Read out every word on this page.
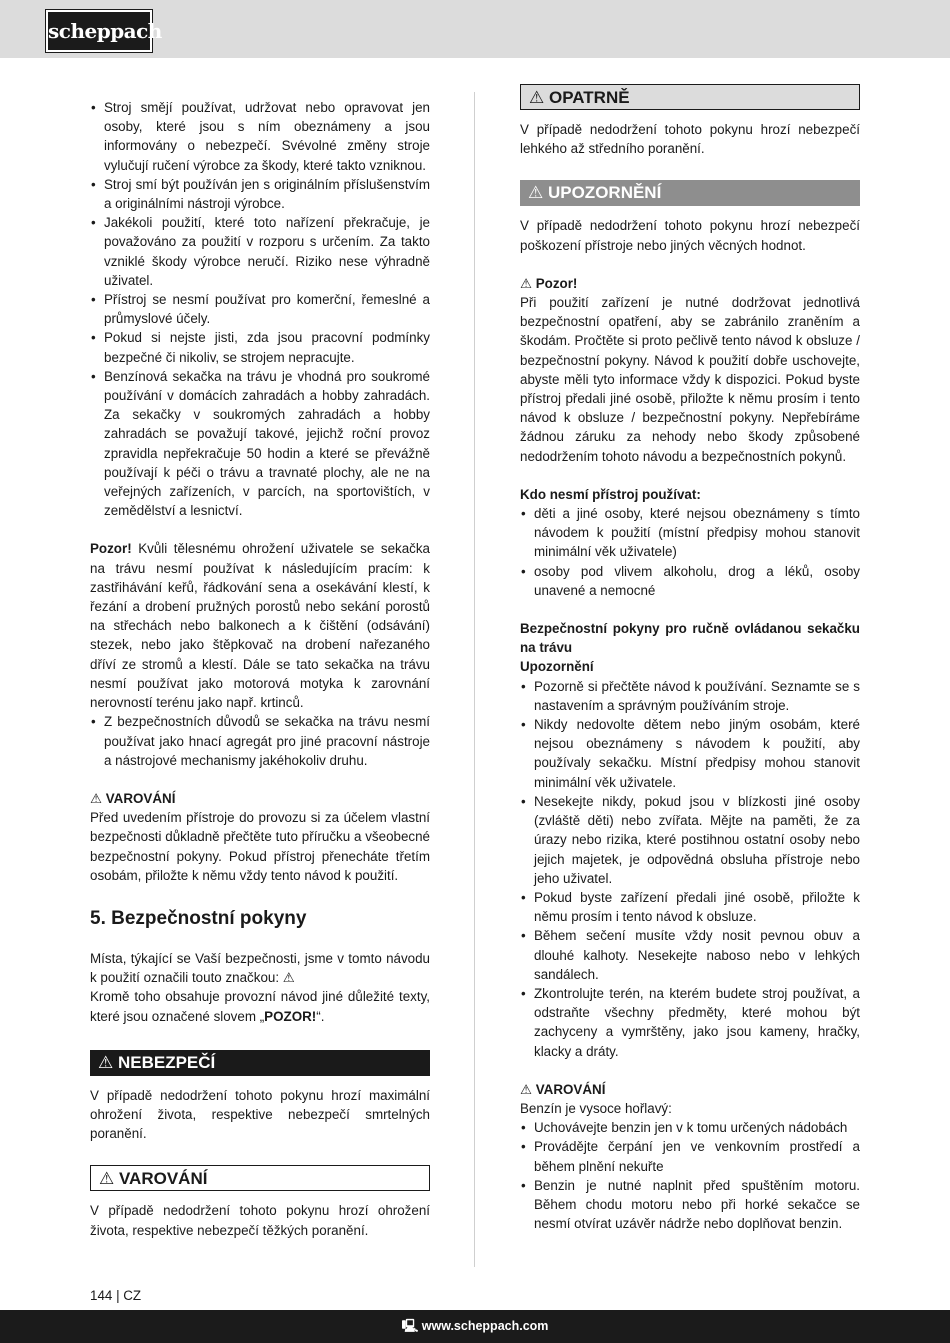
scheppach
• Stroj smějí používat, udržovat nebo opravovat jen osoby, které jsou s ním obeznámeny a jsou informovány o nebezpečí. Svévolné změny stroje vylučují ručení výrobce za škody, které takto vzniknou.
• Stroj smí být používán jen s originálním příslušenstvím a originálními nástroji výrobce.
• Jakékoli použití, které toto nařízení překračuje, je považováno za použití v rozporu s určením. Za takto vzniklé škody výrobce neručí. Riziko nese výhradně uživatel.
• Přístroj se nesmí používat pro komerční, řemeslné a průmyslové účely.
• Pokud si nejste jisti, zda jsou pracovní podmínky bezpečné či nikoliv, se strojem nepracujte.
• Benzínová sekačka na trávu je vhodná pro soukromé používání v domácích zahradách a hobby zahradách. Za sekačky v soukromých zahradách a hobby zahradách se považují takové, jejichž roční provoz zpravidla nepřekračuje 50 hodin a které se převážně používají k péči o trávu a travnaté plochy, ale ne na veřejných zařízeních, v parcích, na sportovištích, v zemědělství a lesnictví.

Pozor! Kvůli tělesnému ohrožení uživatele se sekačka na trávu nesmí používat k následujícím pracím: k zastřihávání keřů, řádkování sena a osekávání klestí, k řezání a drobení pružných porostů nebo sekání porostů na střechách nebo balkonech a k čištění (odsávání) stezek, nebo jako štěpkovač na drobení nařezaného dříví ze stromů a klestí. Dále se tato sekačka na trávu nesmí používat jako motorová motyka k zarovnání nerovností terénu jako např. krtinců.

• Z bezpečnostních důvodů se sekačka na trávu nesmí používat jako hnací agregát pro jiné pracovní nástroje a nástrojové mechanismy jakéhokoliv druhu.
⚠ VAROVÁNÍ

Před uvedením přístroje do provozu si za účelem vlastní bezpečnosti důkladně přečtěte tuto příručku a všeobecné bezpečnostní pokyny. Pokud přístroj přenecháte třetím osobám, přiložte k němu vždy tento návod k použití.

5. Bezpečnostní pokyny

Místa, týkající se Vaší bezpečnosti, jsme v tomto návodu k použití označili touto značkou: ⚠

Kromě toho obsahuje provozní návod jiné důležité texty, které jsou označené slovem „POZOR!“.

⚠ NEBEZPEČÍ

V případě nedodržení tohoto pokynu hrozí maximální ohrožení života, respektive nebezpečí smrtelných poranění.

⚠ VAROVÁNÍ

V případě nedodržení tohoto pokynu hrozí ohrožení života, respektive nebezpečí těžkých poranění.

⚠ OPATRNĚ

V případě nedodržení tohoto pokynu hrozí nebezpečí lehkého až středního poranění.

⚠ UPOZORNĚNÍ

V případě nedodržení tohoto pokynu hrozí nebezpečí poškození přístroje nebo jiných věcných hodnot.

⚠ Pozor!

Při použití zařízení je nutné dodržovat jednotlivá bezpečnostní opatření, aby se zabránilo zraněním a škodám. Pročtěte si proto pečlivě tento návod k obsluze / bezpečnostní pokyny. Návod k použití dobře uschovejte, abyste měli tyto informace vždy k dispozici. Pokud byste přístroj předali jiné osobě, přiložte k němu prosím i tento návod k obsluze / bezpečnostní pokyny. Nepřebíráme žádnou záruku za nehody nebo škody způsobené nedodržením tohoto návodu a bezpečnostních pokynů.

Kdo nesmí přístroj používat:
• děti a jiné osoby, které nejsou obeznámeny s tímto návodem k použití (místní předpisy mohou stanovit minimální věk uživatele)
• osoby pod vlivem alkoholu, drog a léků, osoby unavené a nemocné

Bezpečnostní pokyny pro ručně ovládanou sekačku na trávu

Upozornění
• Pozorně si přečtěte návod k používání. Seznamte se s nastavením a správným používáním stroje.
• Nikdy nedovolte dětem nebo jiným osobám, které nejsou obeznámeny s návodem k použití, aby používaly sekačku. Místní předpisy mohou stanovit minimální věk uživatele.
• Nesekejte nikdy, pokud jsou v blízkosti jiné osoby (zvláště děti) nebo zvířata. Mějte na paměti, že za úrazy nebo rizika, které postihnou ostatní osoby nebo jejich majetek, je odpovědná obsluha přístroje nebo jeho uživatel.
• Pokud byste zařízení předali jiné osobě, přiložte k němu prosím i tento návod k obsluze.
• Během sečení musíte vždy nosit pevnou obuv a dlouhé kalhoty. Nesekejte naboso nebo v lehkých sandálech.
• Zkontrolujte terén, na kterém budete stroj používat, a odstraňte všechny předměty, které mohou být zachyceny a vymrštěny, jako jsou kameny, hračky, klacky a dráty.
⚠ VAROVÁNÍ

Benzín je vysoce hořlavý:

• Uchovávejte benzin jen v k tomu určených nádobách
• Provádějte čerpání jen ve venkovním prostředí a během plnění nekuřte
• Benzin je nutné naplnit před spuštěním motoru. Během chodu motoru nebo při horké sekačce se nesmí otvírat uzávěr nádrže nebo doplňovat benzin.
144 | CZ
🖳 www.scheppach.com
